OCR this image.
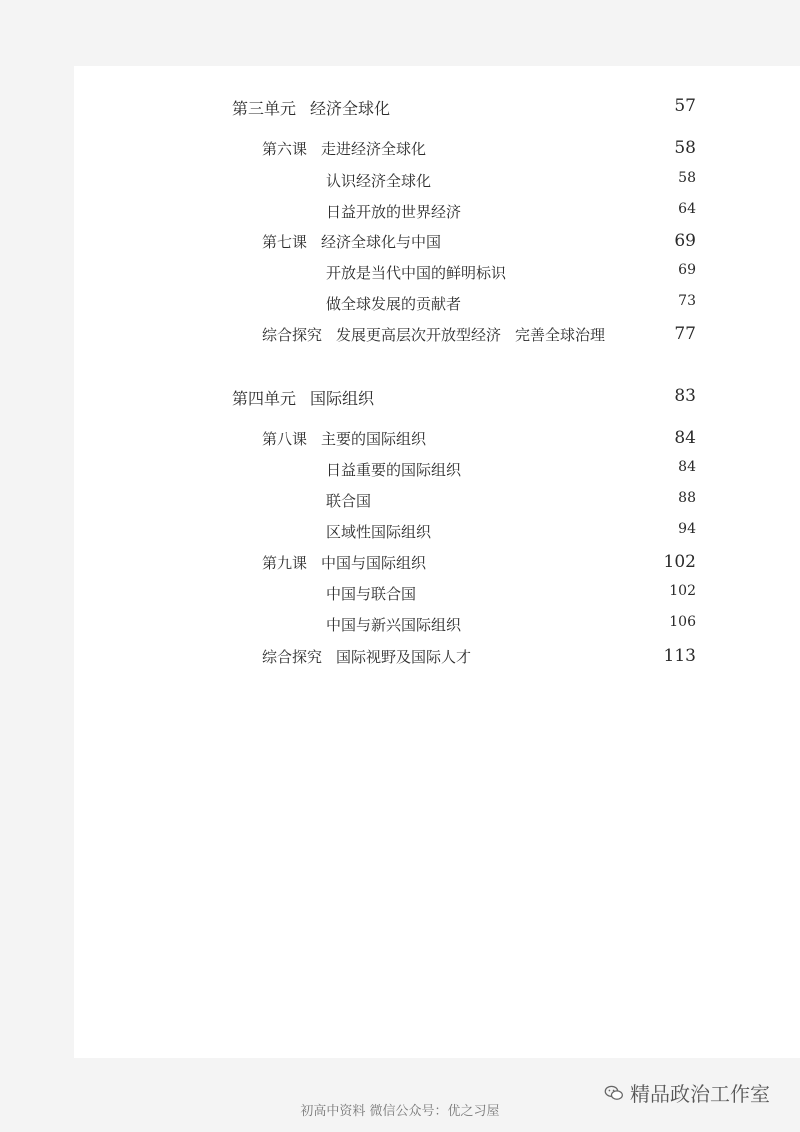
第三单元 经济全球化	57
第六课 走进经济全球化	58
认识经济全球化	58
日益开放的世界经济	64
第七课 经济全球化与中国	69
开放是当代中国的鲜明标识	69
做全球发展的贡献者	73
综合探究 发展更高层次开放型经济 完善全球治理	77
第四单元 国际组织	83
第八课 主要的国际组织	84
日益重要的国际组织	84
联合国	88
区域性国际组织	94
第九课 中国与国际组织	102
中国与联合国	102
中国与新兴国际组织	106
综合探究 国际视野及国际人才	113
精品政治工作室
初高中资料 微信公众号：优之习屋
